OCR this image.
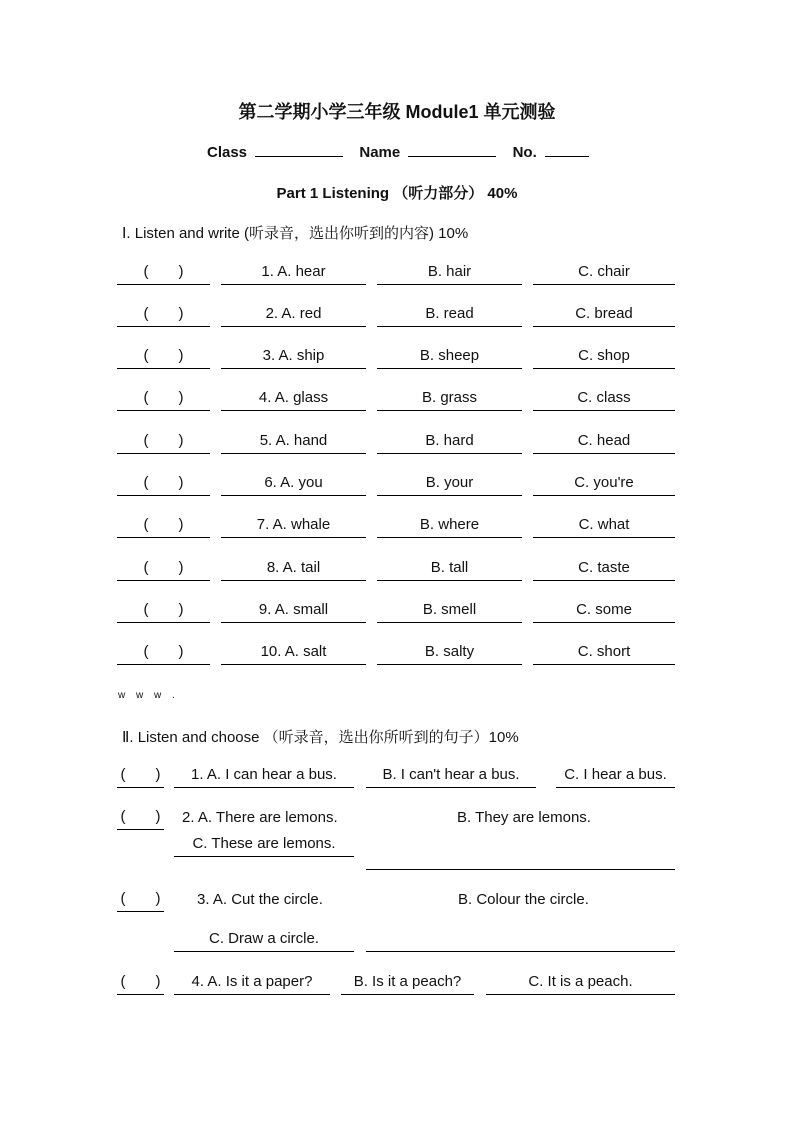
第二学期小学三年级 Module1 单元测验
Class	Name	No.
Part 1 Listening （听力部分） 40%
Ⅰ. Listen and write (听录音，选出你听到的内容) 10%
(　　)	1. A. hear	B. hair	C. chair
(　　)	2. A. red	B. read	C. bread
(　　)	3. A. ship	B. sheep	C. shop
(　　)	4. A. glass	B. grass	C. class
(　　)	5. A. hand	B. hard	C. head
(　　)	6. A. you	B. your	C. you're
(　　)	7. A. whale	B. where	C. what
(　　)	8. A. tail	B. tall	C. taste
(　　)	9. A. small	B. smell	C. some
(　　)	10. A. salt	B. salty	C. short
w w w .
Ⅱ. Listen and choose （听录音，选出你所听到的句子）10%
(　　)	1. A. I can hear a bus.	B. I can't hear a bus.	C. I hear a bus.
(　　) 2. A. There are lemons.	B. They are lemons.
C. These are lemons.
(　　) 3. A. Cut the circle.	B. Colour the circle.
C. Draw a circle.
(　　)	4. A. Is it a paper?	B. Is it a peach?	C. It is a peach.
